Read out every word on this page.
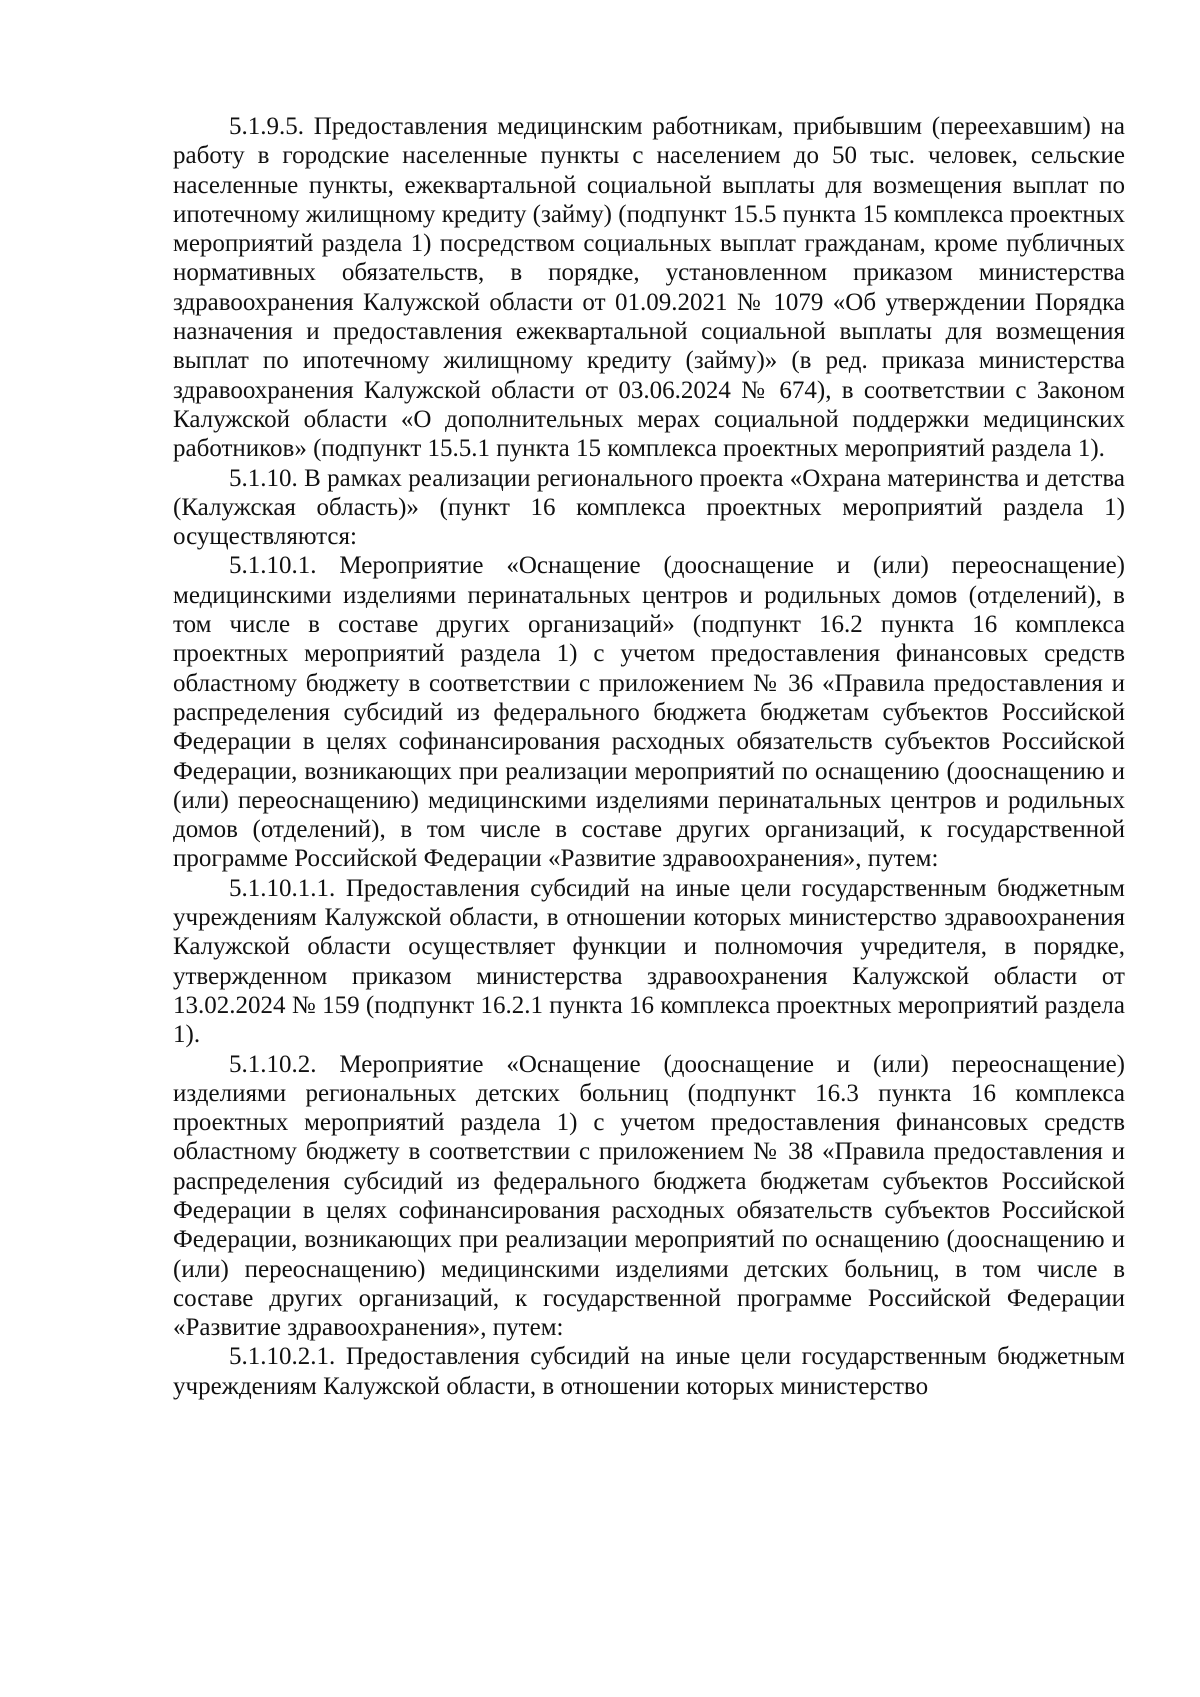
5.1.9.5. Предоставления медицинским работникам, прибывшим (переехавшим) на работу в городские населенные пункты с населением до 50 тыс. человек, сельские населенные пункты, ежеквартальной социальной выплаты для возмещения выплат по ипотечному жилищному кредиту (займу) (подпункт 15.5 пункта 15 комплекса проектных мероприятий раздела 1) посредством социальных выплат гражданам, кроме публичных нормативных обязательств, в порядке, установленном приказом министерства здравоохранения Калужской области от 01.09.2021 № 1079 «Об утверждении Порядка назначения и предоставления ежеквартальной социальной выплаты для возмещения выплат по ипотечному жилищному кредиту (займу)» (в ред. приказа министерства здравоохранения Калужской области от 03.06.2024 № 674), в соответствии с Законом Калужской области «О дополнительных мерах социальной поддержки медицинских работников» (подпункт 15.5.1 пункта 15 комплекса проектных мероприятий раздела 1).

5.1.10. В рамках реализации регионального проекта «Охрана материнства и детства (Калужская область)» (пункт 16 комплекса проектных мероприятий раздела 1) осуществляются:

5.1.10.1. Мероприятие «Оснащение (дооснащение и (или) переоснащение) медицинскими изделиями перинатальных центров и родильных домов (отделений), в том числе в составе других организаций» (подпункт 16.2 пункта 16 комплекса проектных мероприятий раздела 1) с учетом предоставления финансовых средств областному бюджету в соответствии с приложением № 36 «Правила предоставления и распределения субсидий из федерального бюджета бюджетам субъектов Российской Федерации в целях софинансирования расходных обязательств субъектов Российской Федерации, возникающих при реализации мероприятий по оснащению (дооснащению и (или) переоснащению) медицинскими изделиями перинатальных центров и родильных домов (отделений), в том числе в составе других организаций, к государственной программе Российской Федерации «Развитие здравоохранения», путем:

5.1.10.1.1. Предоставления субсидий на иные цели государственным бюджетным учреждениям Калужской области, в отношении которых министерство здравоохранения Калужской области осуществляет функции и полномочия учредителя, в порядке, утвержденном приказом министерства здравоохранения Калужской области от 13.02.2024 № 159 (подпункт 16.2.1 пункта 16 комплекса проектных мероприятий раздела 1).

5.1.10.2. Мероприятие «Оснащение (дооснащение и (или) переоснащение) изделиями региональных детских больниц (подпункт 16.3 пункта 16 комплекса проектных мероприятий раздела 1) с учетом предоставления финансовых средств областному бюджету в соответствии с приложением № 38 «Правила предоставления и распределения субсидий из федерального бюджета бюджетам субъектов Российской Федерации в целях софинансирования расходных обязательств субъектов Российской Федерации, возникающих при реализации мероприятий по оснащению (дооснащению и (или) переоснащению) медицинскими изделиями детских больниц, в том числе в составе других организаций, к государственной программе Российской Федерации «Развитие здравоохранения», путем:

5.1.10.2.1. Предоставления субсидий на иные цели государственным бюджетным учреждениям Калужской области, в отношении которых министерство
